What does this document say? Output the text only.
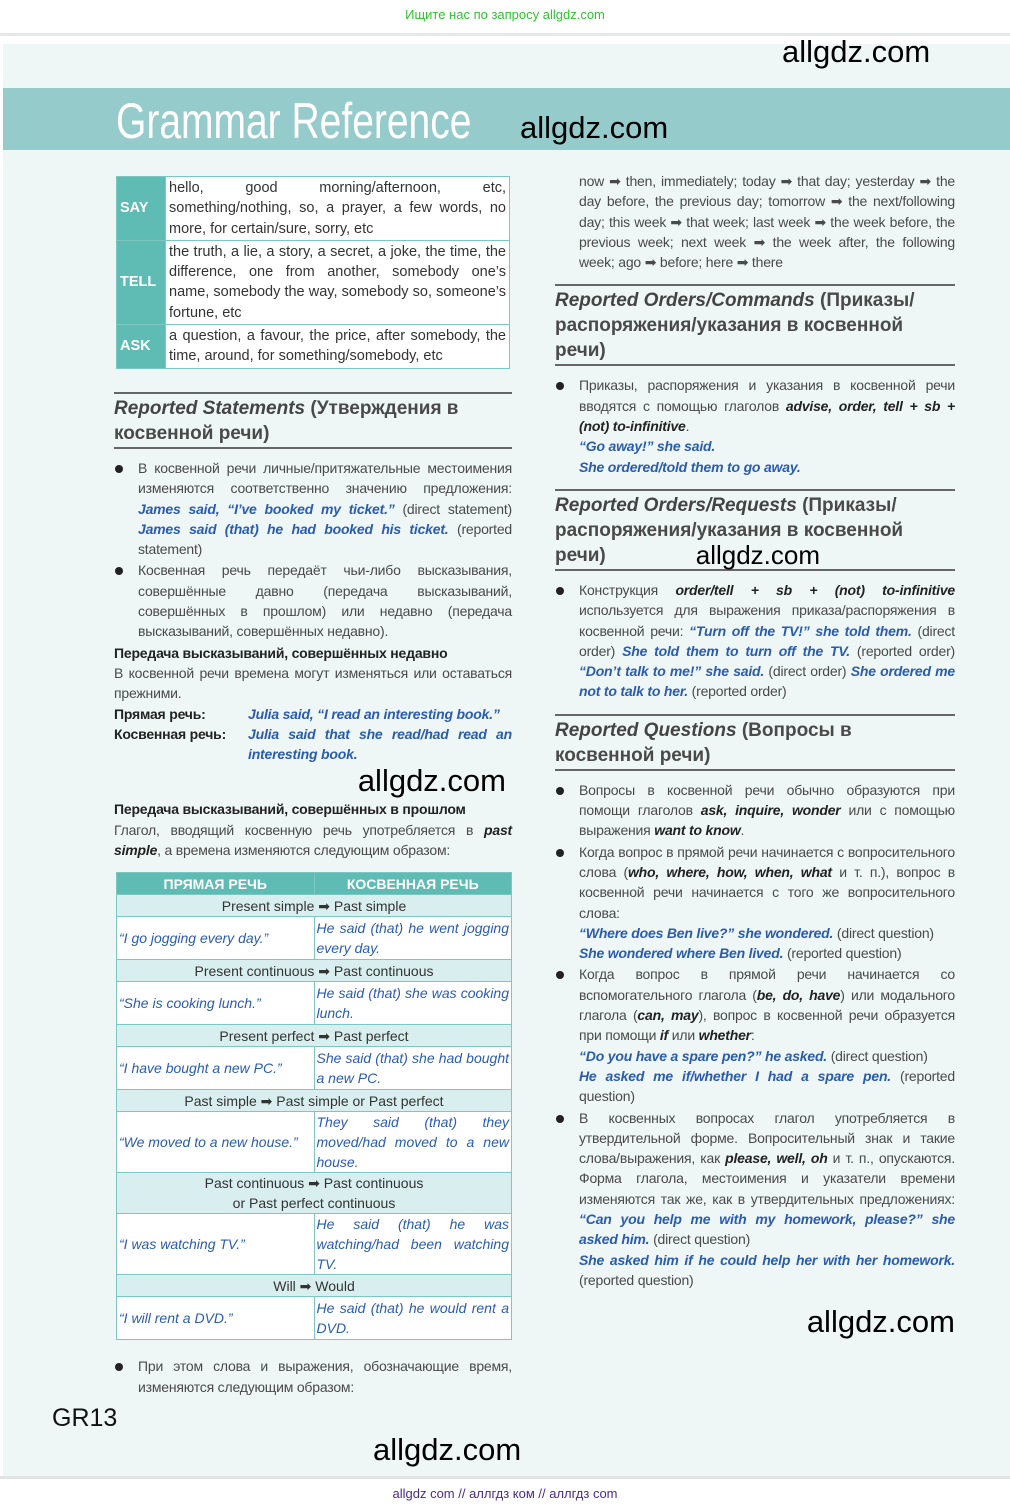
Ищите нас по запросу allgdz.com
Grammar Reference
SAY	hello, good morning/afternoon, etc, something/nothing, so, a prayer, a few words, no more, for certain/sure, sorry, etc
TELL	the truth, a lie, a story, a secret, a joke, the time, the difference, one from another, somebody one’s name, somebody the way, somebody so, someone’s fortune, etc
ASK	a question, a favour, the price, after somebody, the time, around, for something/somebody, etc
Reported Statements (Утверждения в косвенной речи)
В косвенной речи личные/притяжательные местоимения изменяются соответственно значению предложения: James said, “I’ve booked my ticket.” (direct statement) James said (that) he had booked his ticket. (reported statement)
Косвенная речь передаёт чьи-либо высказывания, совершённые давно (передача высказываний, совершённых в прошлом) или недавно (передача высказываний, совершённых недавно).
Передача высказываний, совершённых недавно
В косвенной речи времена могут изменяться или оставаться прежними.
Прямая речь:	Julia said, “I read an interesting book.”
Косвенная речь:	Julia said that she read/had read an interesting book.
allgdz.com
Передача высказываний, совершённых в прошлом
Глагол, вводящий косвенную речь употребляется в past simple, а времена изменяются следующим образом:
ПРЯМАЯ РЕЧЬ	КОСВЕННАЯ РЕЧЬ
Present simple ➡ Past simple	
“I go jogging every day.”	He said (that) he went jogging every day.
Present continuous ➡ Past continuous	
“She is cooking lunch.”	He said (that) she was cooking lunch.
Present perfect ➡ Past perfect	
“I have bought a new PC.”	She said (that) she had bought a new PC.
Past simple ➡ Past simple or Past perfect	
“We moved to a new house.”	They said (that) they moved/had moved to a new house.
Past continuous ➡ Past continuous or Past perfect continuous	
“I was watching TV.”	He said (that) he was watching/had been watching TV.
Will ➡ Would	
“I will rent a DVD.”	He said (that) he would rent a DVD.
При этом слова и выражения, обозначающие время, изменяются следующим образом:
now ➡ then, immediately; today ➡ that day; yesterday ➡ the day before, the previous day; tomorrow ➡ the next/following day; this week ➡ that week; last week ➡ the week before, the previous week; next week ➡ the week after, the following week; ago ➡ before; here ➡ there
Reported Orders/Commands (Приказы/распоряжения/указания в косвенной речи)
Приказы, распоряжения и указания в косвенной речи вводятся с помощью глаголов advise, order, tell + sb + (not) to-infinitive.
“Go away!” she said.
She ordered/told them to go away.
Reported Orders/Requests (Приказы/распоряжения/указания в косвенной речи)	allgdz.com
Конструкция order/tell + sb + (not) to-infinitive используется для выражения приказа/распоряжения в косвенной речи: “Turn off the TV!” she told them. (direct order) She told them to turn off the TV. (reported order) “Don’t talk to me!” she said. (direct order) She ordered me not to talk to her. (reported order)
Reported Questions (Вопросы в косвенной речи)
Вопросы в косвенной речи обычно образуются при помощи глаголов ask, inquire, wonder или с помощью выражения want to know.
Когда вопрос в прямой речи начинается с вопросительного слова (who, where, how, when, what и т. п.), вопрос в косвенной речи начинается с того же вопросительного слова:
“Where does Ben live?” she wondered. (direct question)
She wondered where Ben lived. (reported question)
Когда вопрос в прямой речи начинается со вспомогательного глагола (be, do, have) или модального глагола (can, may), вопрос в косвенной речи образуется при помощи if или whether:
“Do you have a spare pen?” he asked. (direct question)
He asked me if/whether I had a spare pen. (reported question)
В косвенных вопросах глагол употребляется в утвердительной форме. Вопросительный знак и такие слова/выражения, как please, well, oh и т. п., опускаются. Форма глагола, местоимения и указатели времени изменяются так же, как в утвердительных предложениях: “Can you help me with my homework, please?” she asked him. (direct question)
She asked him if he could help her with her homework. (reported question)
allgdz.com
GR13
allgdz.com
allgdz.com
allgdz.com
allgdz com // аллгдз ком // аллгдз com
